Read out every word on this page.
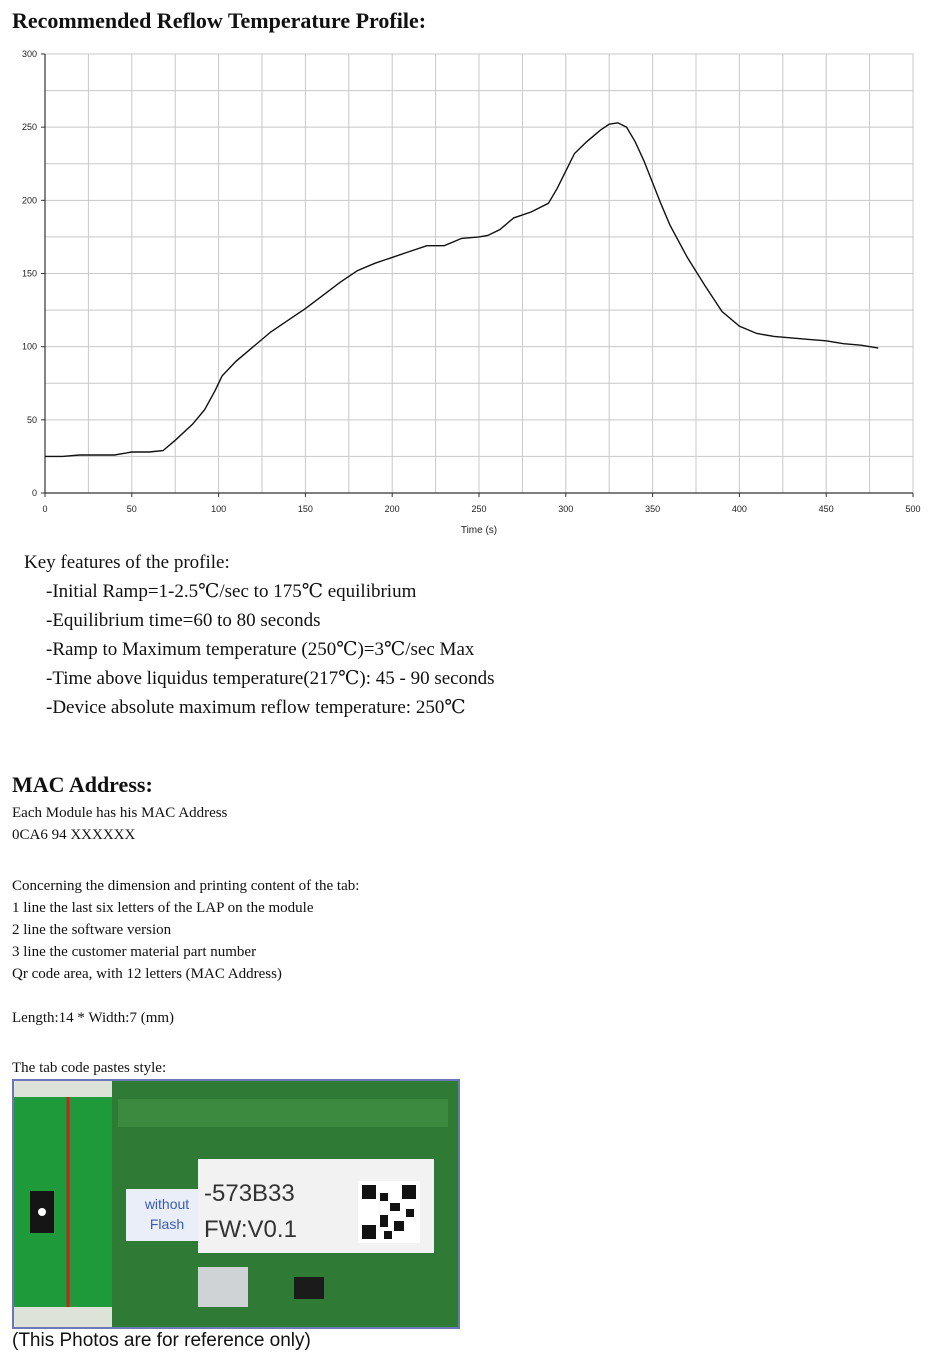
Recommended Reflow Temperature Profile:
0	50	100	150	200	250	300	350	400	450	500
0
50
100
150
200
250
300
Time (s)
Key features of the profile:
-Initial Ramp=1-2.5℃/sec to 175℃ equilibrium
-Equilibrium time=60 to 80 seconds
-Ramp to Maximum temperature (250℃)=3℃/sec Max
-Time above liquidus temperature(217℃): 45 - 90 seconds
-Device absolute maximum reflow temperature: 250℃
MAC Address:
Each Module has his MAC Address
0CA6 94 XXXXXX
Concerning the dimension and printing content of the tab:
1 line the last six letters of the LAP on the module
2 line the software version
3 line the customer material part number
Qr code area, with 12 letters (MAC Address)
Length:14 * Width:7 (mm)
The tab code pastes style:
without
Flash
-573B33
FW:V0.1
(This Photos are for reference only)
